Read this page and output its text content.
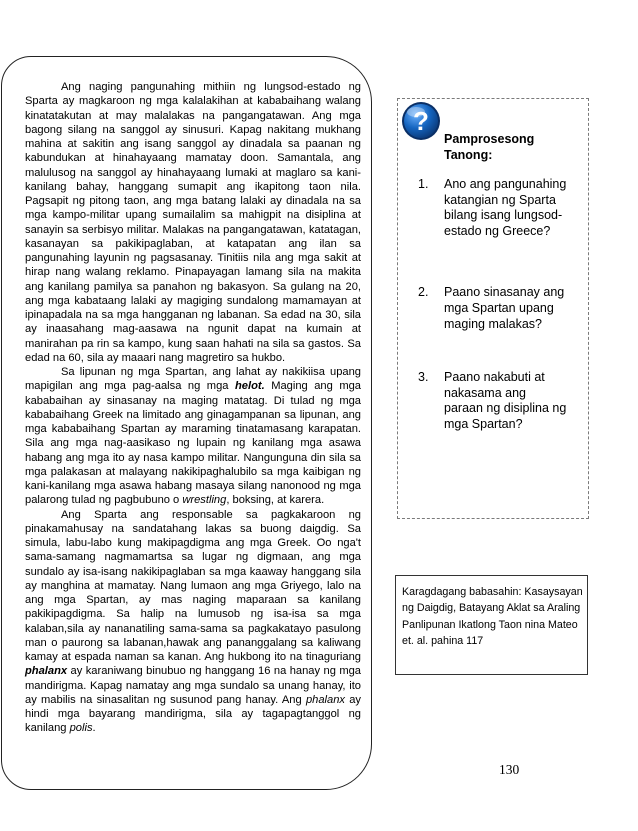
Ang naging pangunahing mithiin ng lungsod-estado ng Sparta ay magkaroon ng mga kalalakihan at kababaihang walang kinatatakutan at may malalakas na pangangatawan. Ang mga bagong silang na sanggol ay sinusuri. Kapag nakitang mukhang mahina at sakitin ang isang sanggol ay dinadala sa paanan ng kabundukan at hinahayaang mamatay doon. Samantala, ang malulusog na sanggol ay hinahayaang lumaki at maglaro sa kani-kanilang bahay, hanggang sumapit ang ikapitong taon nila. Pagsapit ng pitong taon, ang mga batang lalaki ay dinadala na sa mga kampo-militar upang sumailalim sa mahigpit na disiplina at sanayin sa serbisyo militar. Malakas na pangangatawan, katatagan, kasanayan sa pakikipaglaban, at katapatan ang ilan sa pangunahing layunin ng pagsasanay. Tinitiis nila ang mga sakit at hirap nang walang reklamo. Pinapayagan lamang sila na makita ang kanilang pamilya sa panahon ng bakasyon. Sa gulang na 20, ang mga kabataang lalaki ay magiging sundalong mamamayan at ipinapadala na sa mga hangganan ng labanan. Sa edad na 30, sila ay inaasahang mag-aasawa na ngunit dapat na kumain at manirahan pa rin sa kampo, kung saan hahati na sila sa gastos. Sa edad na 60, sila ay maaari nang magretiro sa hukbo.

Sa lipunan ng mga Spartan, ang lahat ay nakikiisa upang mapigilan ang mga pag-aalsa ng mga helot. Maging ang mga kababaihan ay sinasanay na maging matatag. Di tulad ng mga kababaihang Greek na limitado ang ginagampanan sa lipunan, ang mga kababaihang Spartan ay maraming tinatamasang karapatan. Sila ang mga nag-aasikaso ng lupain ng kanilang mga asawa habang ang mga ito ay nasa kampo militar. Nangunguna din sila sa mga palakasan at malayang nakikipaghalubilo sa mga kaibigan ng kani-kanilang mga asawa habang masaya silang nanonood ng mga palarong tulad ng pagbubuno o wrestling, boksing, at karera.

Ang Sparta ang responsable sa pagkakaroon ng pinakamahusay na sandatahang lakas sa buong daigdig. Sa simula, labu-labo kung makipagdigma ang mga Greek. Oo nga't sama-samang nagmamartsa sa lugar ng digmaan, ang mga sundalo ay isa-isang nakikipaglaban sa mga kaaway hanggang sila ay manghina at mamatay. Nang lumaon ang mga Griyego, lalo na ang mga Spartan, ay mas naging maparaan sa kanilang pakikipagdigma. Sa halip na lumusob ng isa-isa sa mga kalaban,sila ay nananatiling sama-sama sa pagkakatayo pasulong man o paurong sa labanan,hawak ang pananggalang sa kaliwang kamay at espada naman sa kanan. Ang hukbong ito na tinaguriang phalanx ay karaniwang binubuo ng hanggang 16 na hanay ng mga mandirigma. Kapag namatay ang mga sundalo sa unang hanay, ito ay mabilis na sinasalitan ng susunod pang hanay. Ang phalanx ay hindi mga bayarang mandirigma, sila ay tagapagtanggol ng kanilang polis.

?
Pamprosesong
Tanong:
1. Ano ang pangunahing katangian ng Sparta bilang isang lungsod-estado ng Greece?
2. Paano sinasanay ang mga Spartan upang maging malakas?
3. Paano nakabuti at nakasama ang paraan ng disiplina ng mga Spartan?
Karagdagang babasahin: Kasaysayan ng Daigdig, Batayang Aklat sa Araling Panlipunan Ikatlong Taon nina Mateo et. al. pahina 117
130
